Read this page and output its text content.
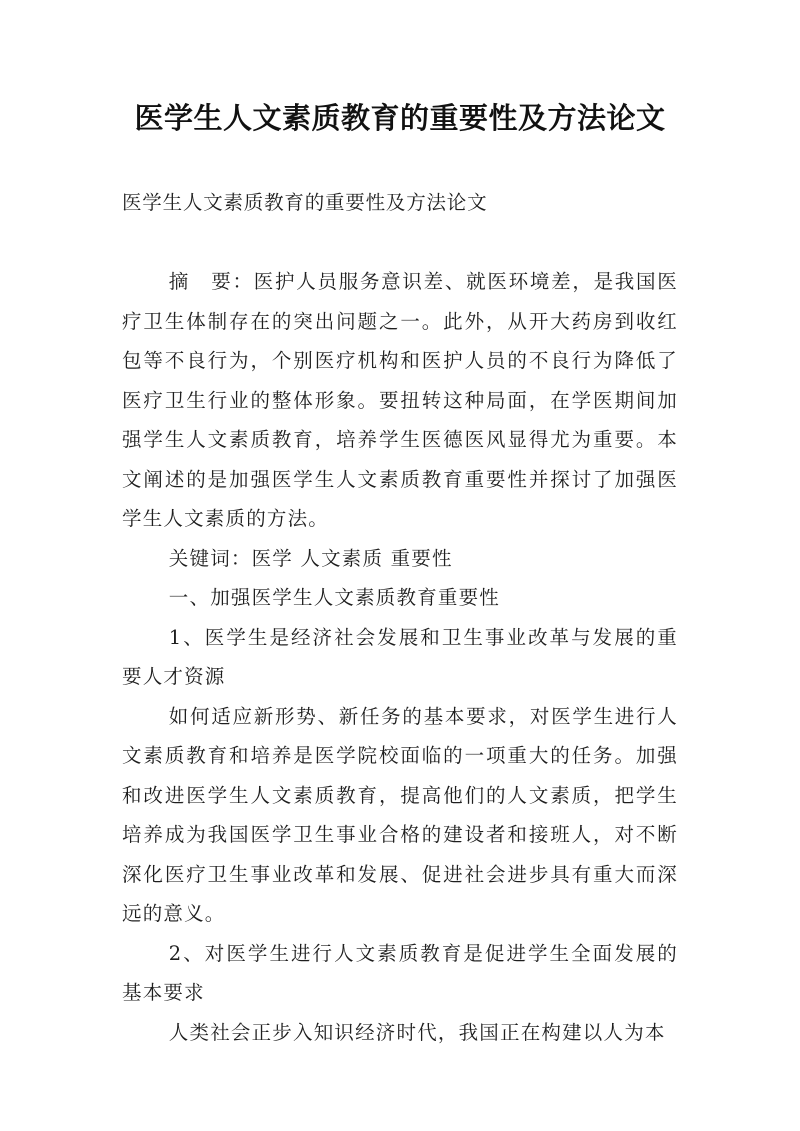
医学生人文素质教育的重要性及方法论文

医学生人文素质教育的重要性及方法论文

摘　要：医护人员服务意识差、就医环境差，是我国医疗卫生体制存在的突出问题之一。此外，从开大药房到收红包等不良行为，个别医疗机构和医护人员的不良行为降低了医疗卫生行业的整体形象。要扭转这种局面，在学医期间加强学生人文素质教育，培养学生医德医风显得尤为重要。本文阐述的是加强医学生人文素质教育重要性并探讨了加强医学生人文素质的方法。

关键词：医学 人文素质 重要性

一、加强医学生人文素质教育重要性

1、医学生是经济社会发展和卫生事业改革与发展的重要人才资源

如何适应新形势、新任务的基本要求，对医学生进行人文素质教育和培养是医学院校面临的一项重大的任务。加强和改进医学生人文素质教育，提高他们的人文素质，把学生培养成为我国医学卫生事业合格的建设者和接班人，对不断深化医疗卫生事业改革和发展、促进社会进步具有重大而深远的意义。

2、对医学生进行人文素质教育是促进学生全面发展的基本要求

人类社会正步入知识经济时代，我国正在构建以人为本
